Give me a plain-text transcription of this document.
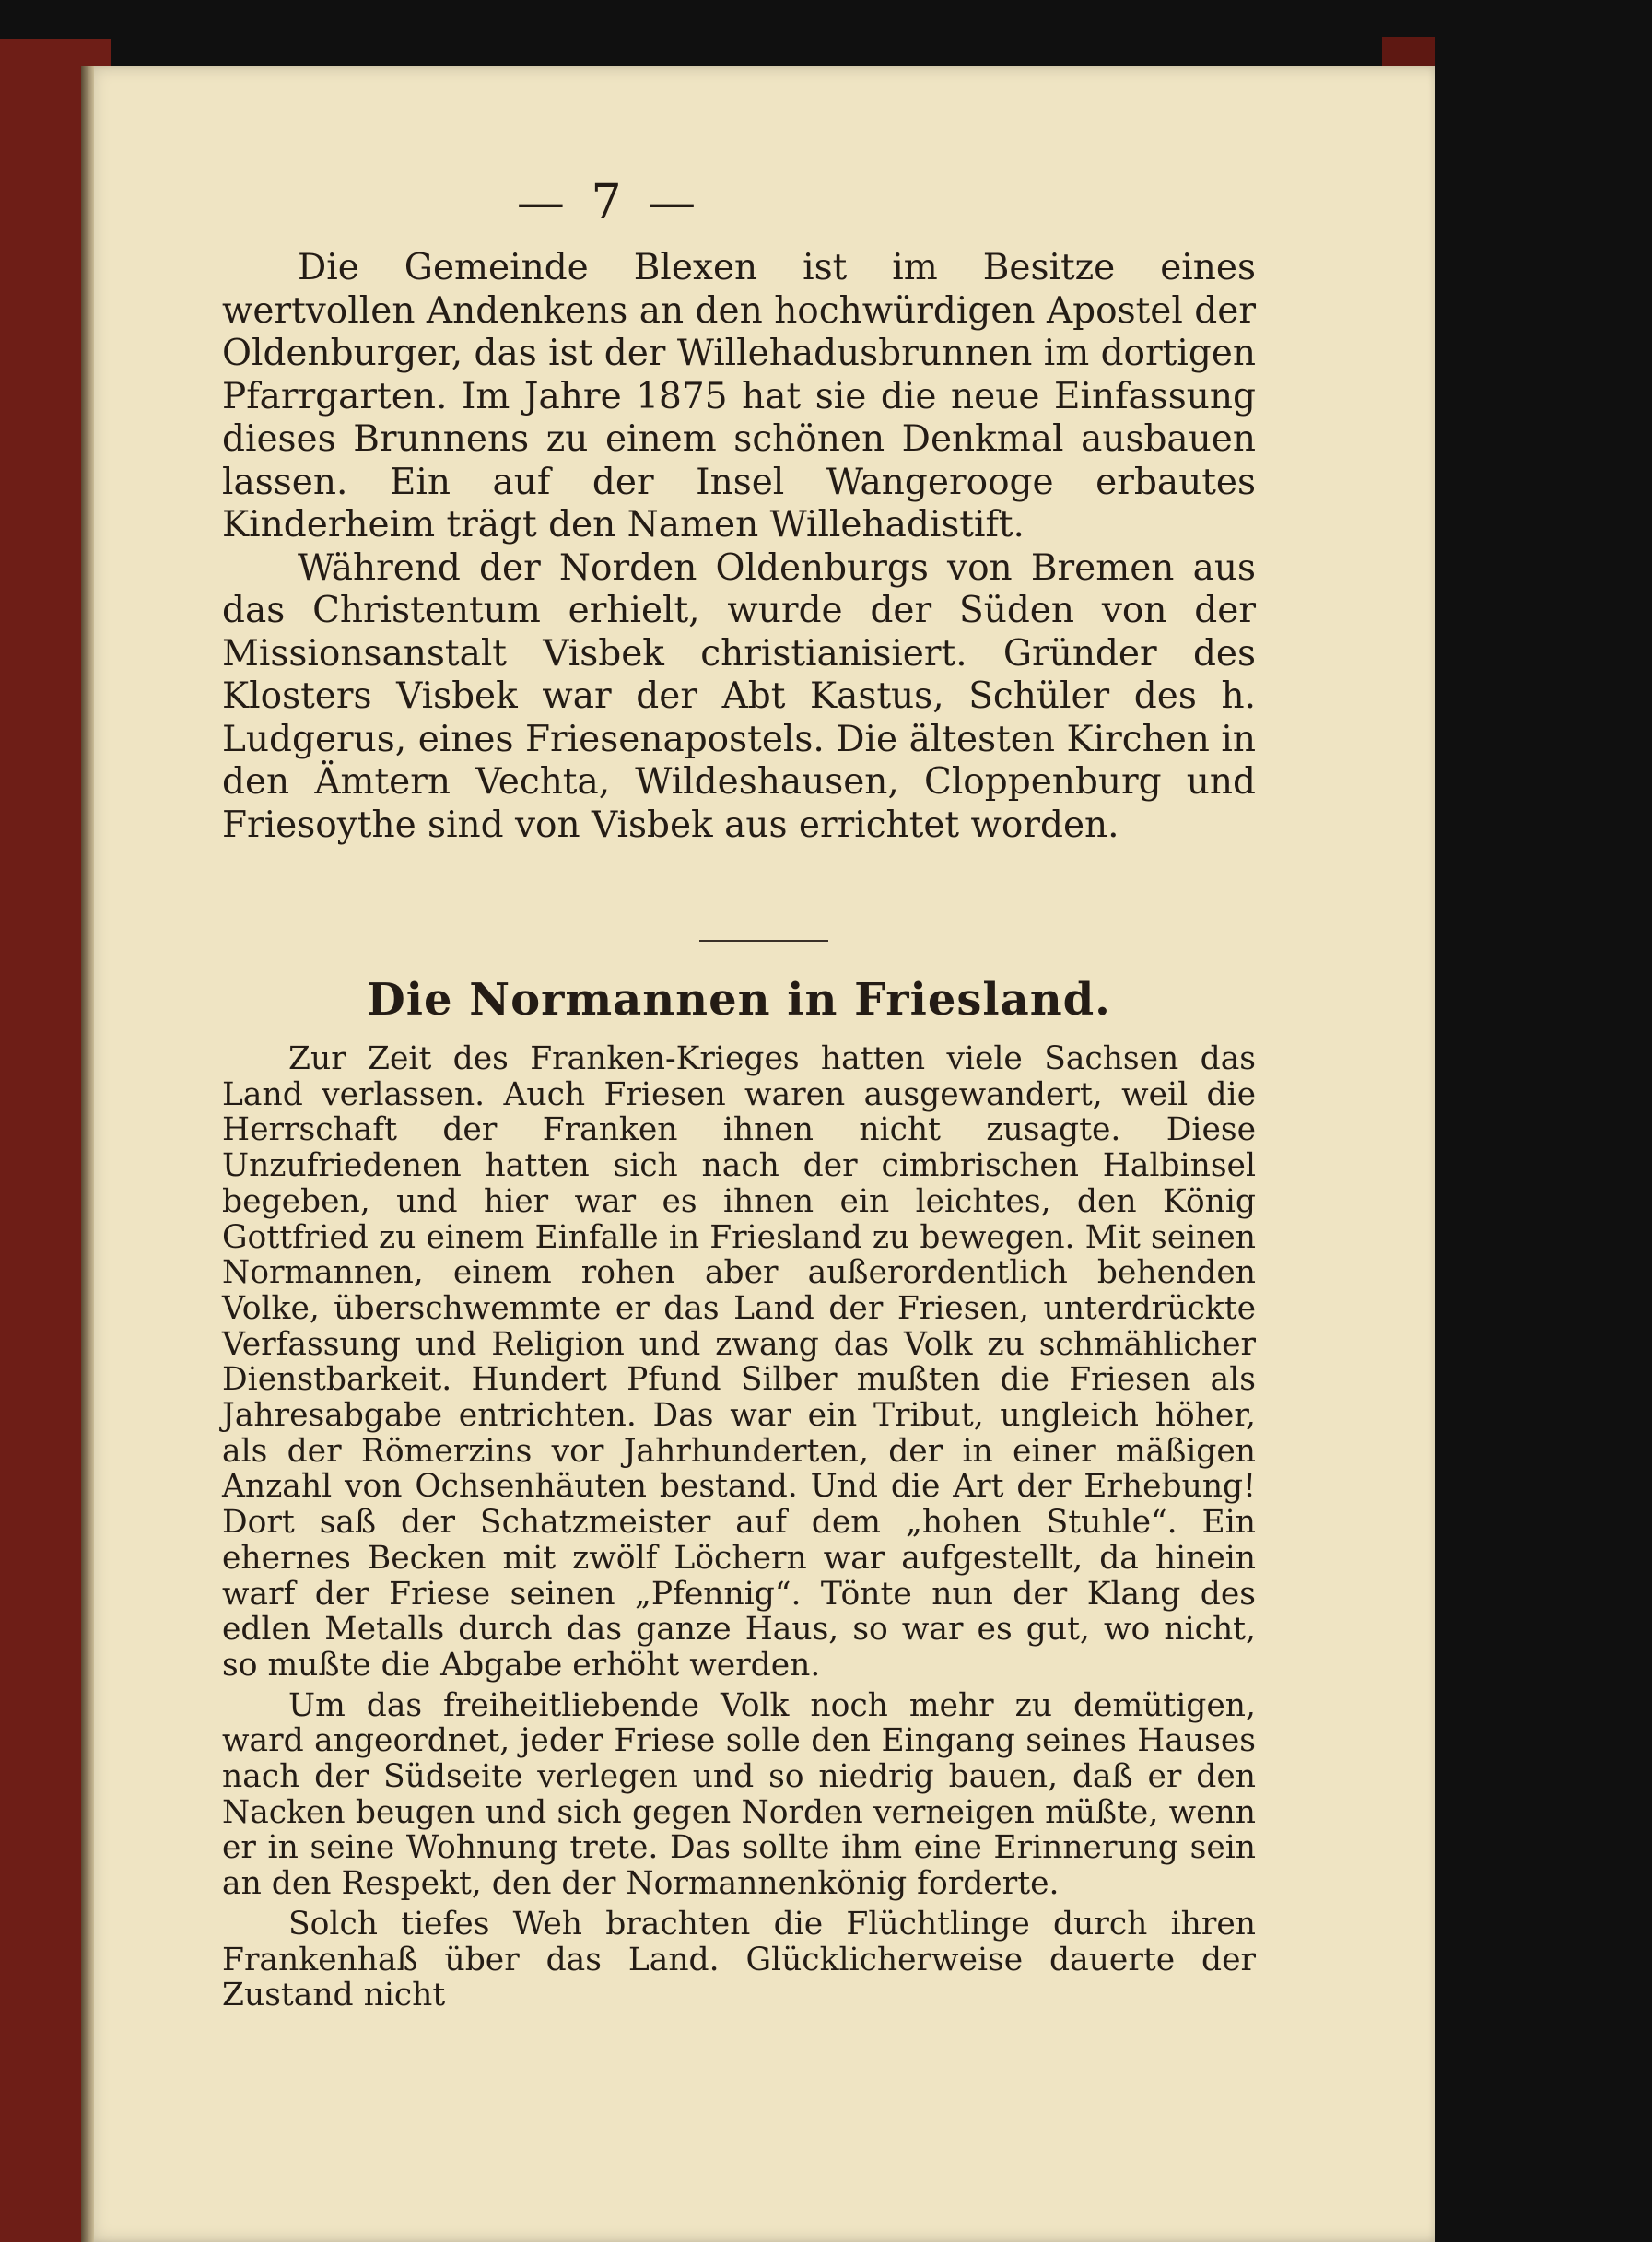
— 7 —

Die Gemeinde Blexen ist im Besitze eines wertvollen Andenkens an den hochwürdigen Apostel der Oldenburger, das ist der Willehadusbrunnen im dortigen Pfarrgarten. Im Jahre 1875 hat sie die neue Einfassung dieses Brunnens zu einem schönen Denkmal ausbauen lassen. Ein auf der Insel Wangerooge erbautes Kinderheim trägt den Namen Willehadistift.

Während der Norden Oldenburgs von Bremen aus das Christentum erhielt, wurde der Süden von der Missionsanstalt Visbek christianisiert. Gründer des Klosters Visbek war der Abt Kastus, Schüler des h. Ludgerus, eines Friesenapostels. Die ältesten Kirchen in den Ämtern Vechta, Wildeshausen, Cloppenburg und Friesoythe sind von Visbek aus errichtet worden.

Die Normannen in Friesland.

Zur Zeit des Franken-Krieges hatten viele Sachsen das Land verlassen. Auch Friesen waren ausgewandert, weil die Herrschaft der Franken ihnen nicht zusagte. Diese Unzufriedenen hatten sich nach der cimbrischen Halbinsel begeben, und hier war es ihnen ein leichtes, den König Gottfried zu einem Einfalle in Friesland zu bewegen. Mit seinen Normannen, einem rohen aber außerordentlich behenden Volke, überschwemmte er das Land der Friesen, unterdrückte Verfassung und Religion und zwang das Volk zu schmählicher Dienstbarkeit. Hundert Pfund Silber mußten die Friesen als Jahresabgabe entrichten. Das war ein Tribut, ungleich höher, als der Römerzins vor Jahrhunderten, der in einer mäßigen Anzahl von Ochsenhäuten bestand. Und die Art der Erhebung! Dort saß der Schatzmeister auf dem „hohen Stuhle“. Ein ehernes Becken mit zwölf Löchern war aufgestellt, da hinein warf der Friese seinen „Pfennig“. Tönte nun der Klang des edlen Metalls durch das ganze Haus, so war es gut, wo nicht, so mußte die Abgabe erhöht werden.

Um das freiheitliebende Volk noch mehr zu demütigen, ward angeordnet, jeder Friese solle den Eingang seines Hauses nach der Südseite verlegen und so niedrig bauen, daß er den Nacken beugen und sich gegen Norden verneigen müßte, wenn er in seine Wohnung trete. Das sollte ihm eine Erinnerung sein an den Respekt, den der Normannenkönig forderte.

Solch tiefes Weh brachten die Flüchtlinge durch ihren Frankenhaß über das Land. Glücklicherweise dauerte der Zustand nicht
